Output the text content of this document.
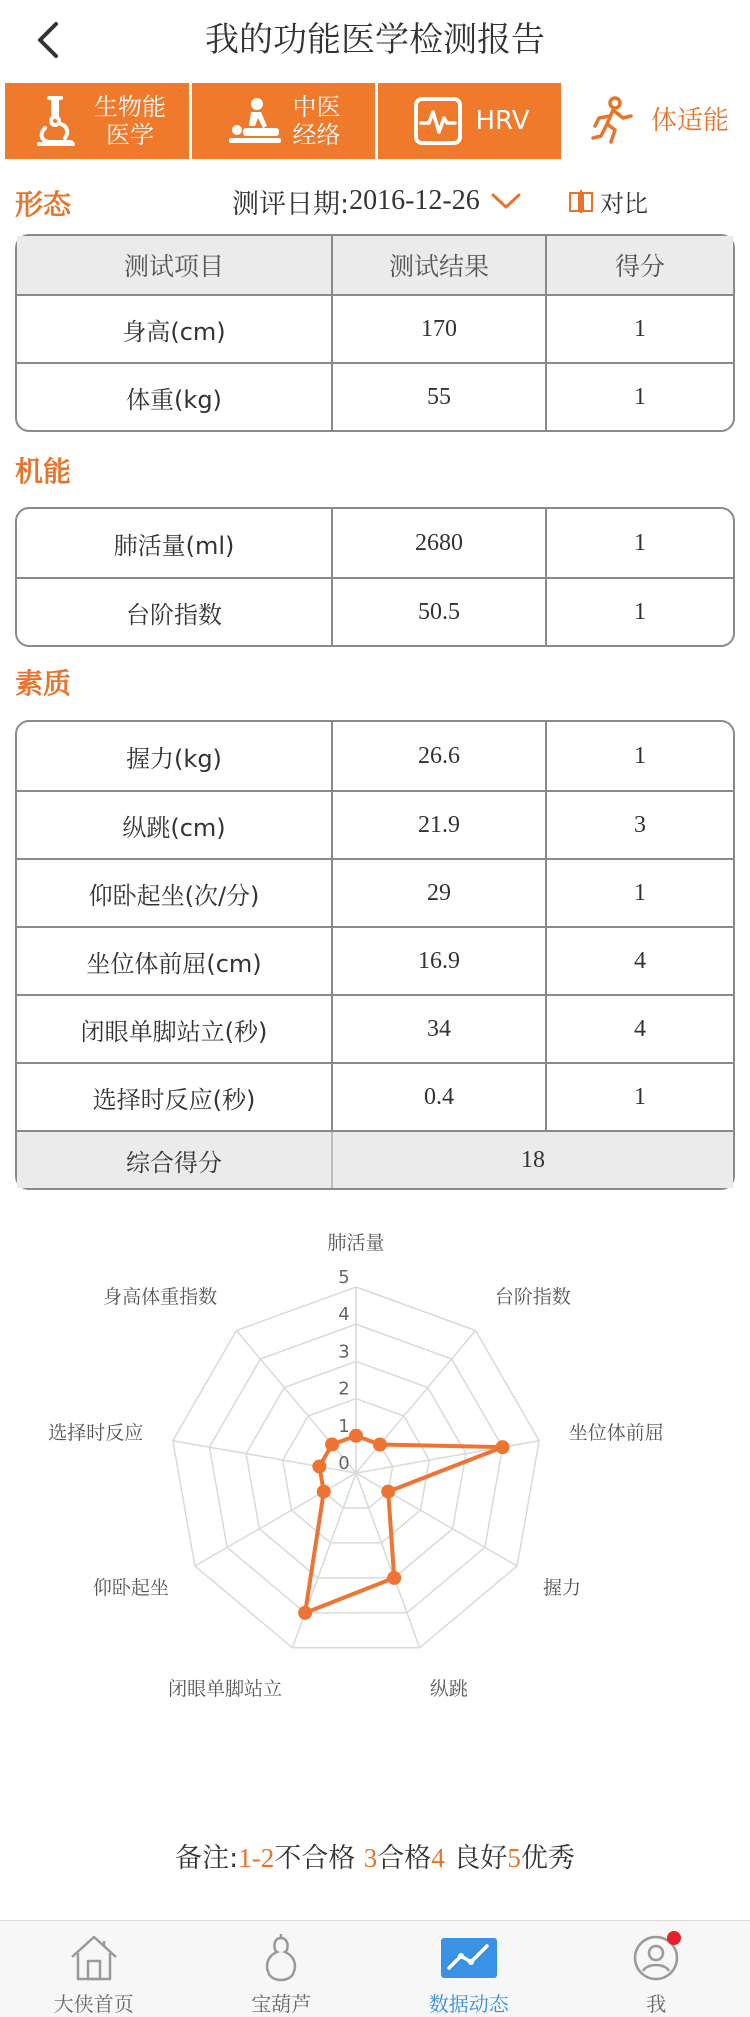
我的功能医学检测报告
生物能
医学
中医
经络	HRV	体适能
形态	测评日期: 2016-12-26	对比
测试项目	测试结果	得分
身高(cm)	170	1
体重(kg)	55	1
机能
肺活量(ml)	2680	1
台阶指数	50.5	1
素质
握力(kg)	26.6	1
纵跳(cm)	21.9	3
仰卧起坐(次/分)	29	1
坐位体前屈(cm)	16.9	4
闭眼单脚站立(秒)	34	4
选择时反应(秒)	0.4	1
综合得分	18
0
1
2
3
4
5
肺活量
台阶指数
坐位体前屈
握力
纵跳
闭眼单脚站立
仰卧起坐
选择时反应
身高体重指数
备注:1-2不合格 3合格4 良好5优秀
大侠首页	宝葫芦	数据动态	我
